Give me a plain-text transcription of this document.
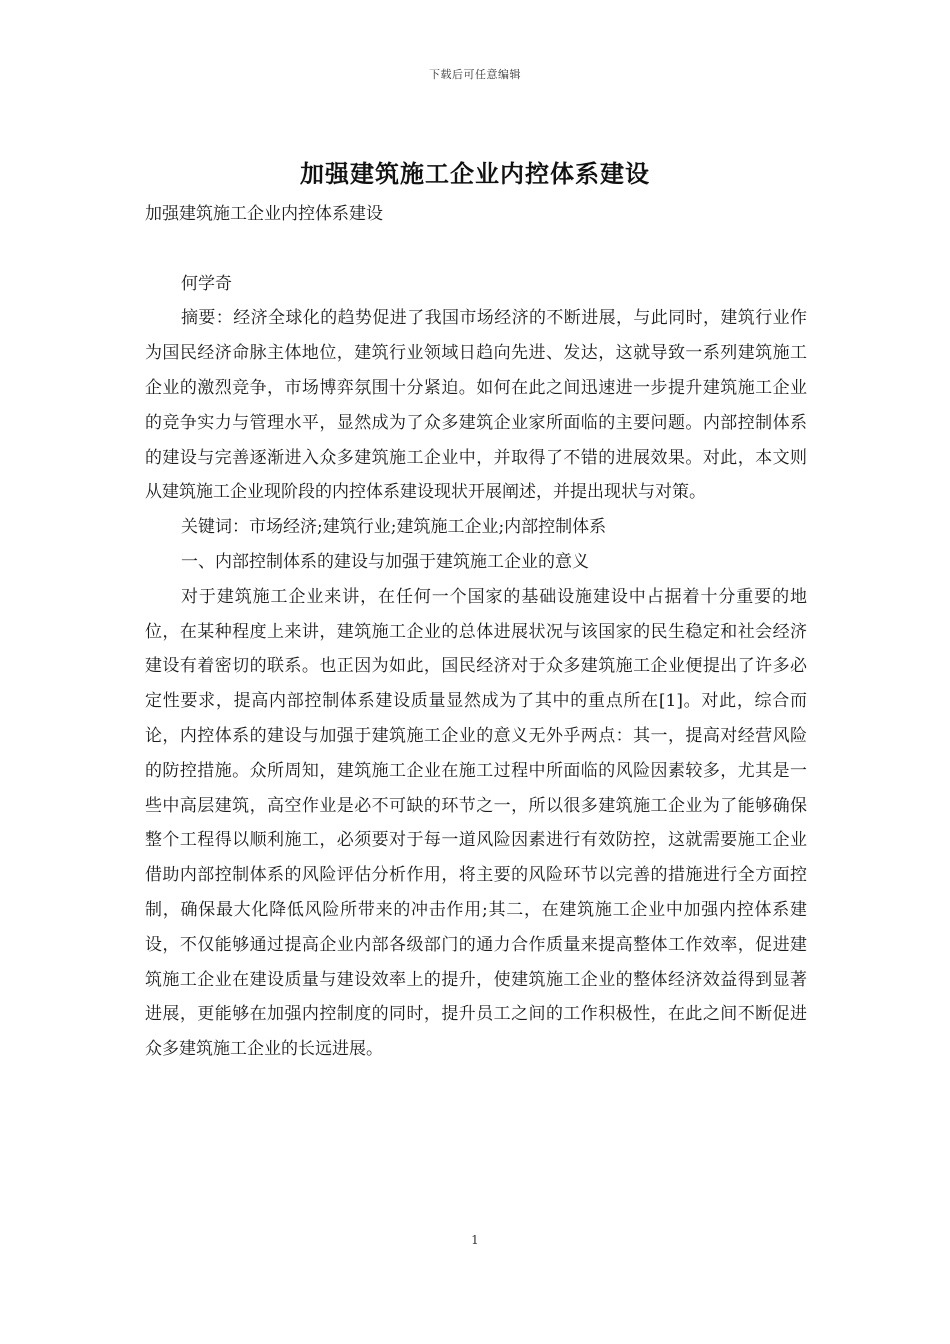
下载后可任意编辑
加强建筑施工企业内控体系建设

加强建筑施工企业内控体系建设

何学奇

摘要：经济全球化的趋势促进了我国市场经济的不断进展，与此同时，建筑行业作为国民经济命脉主体地位，建筑行业领域日趋向先进、发达，这就导致一系列建筑施工企业的激烈竞争，市场博弈氛围十分紧迫。如何在此之间迅速进一步提升建筑施工企业的竞争实力与管理水平，显然成为了众多建筑企业家所面临的主要问题。内部控制体系的建设与完善逐渐进入众多建筑施工企业中，并取得了不错的进展效果。对此，本文则从建筑施工企业现阶段的内控体系建设现状开展阐述，并提出现状与对策。

关键词：市场经济;建筑行业;建筑施工企业;内部控制体系

一、内部控制体系的建设与加强于建筑施工企业的意义

对于建筑施工企业来讲，在任何一个国家的基础设施建设中占据着十分重要的地位，在某种程度上来讲，建筑施工企业的总体进展状况与该国家的民生稳定和社会经济建设有着密切的联系。也正因为如此，国民经济对于众多建筑施工企业便提出了许多必定性要求，提高内部控制体系建设质量显然成为了其中的重点所在[1]。对此，综合而论，内控体系的建设与加强于建筑施工企业的意义无外乎两点：其一，提高对经营风险的防控措施。众所周知，建筑施工企业在施工过程中所面临的风险因素较多，尤其是一些中高层建筑，高空作业是必不可缺的环节之一，所以很多建筑施工企业为了能够确保整个工程得以顺利施工，必须要对于每一道风险因素进行有效防控，这就需要施工企业借助内部控制体系的风险评估分析作用，将主要的风险环节以完善的措施进行全方面控制，确保最大化降低风险所带来的冲击作用;其二，在建筑施工企业中加强内控体系建设，不仅能够通过提高企业内部各级部门的通力合作质量来提高整体工作效率，促进建筑施工企业在建设质量与建设效率上的提升，使建筑施工企业的整体经济效益得到显著进展，更能够在加强内控制度的同时，提升员工之间的工作积极性，在此之间不断促进众多建筑施工企业的长远进展。

1
